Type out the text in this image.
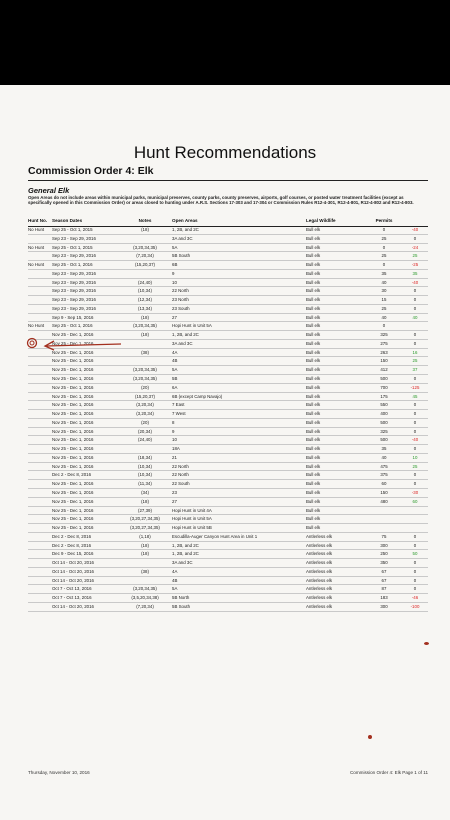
Hunt Recommendations
Commission Order 4: Elk
General Elk
Open Areas do not include areas within municipal parks, municipal preserves, county parks, county preserves, airports, golf courses, or posted water treatment facilities (except as specifically opened in this Commission Order) or areas closed to hunting under A.R.S. Sections 17-303 and 17-304 or Commission Rules R12-4-301, R12-4-801, R12-4-802 and R12-4-803.
Hunt No.	Season Dates	Notes	Open Areas	Legal Wildlife	Permits
No Hunt	Sep 25 - Oct 1, 2015	(18)	1, 2B, and 2C	Bull elk	0	-40
Sep 23 - Sep 29, 2016	3A and 3C	Bull elk	25	0
No Hunt	Sep 25 - Oct 1, 2015	(3,20,34,35)	5A	Bull elk	0	-24
Sep 23 - Sep 29, 2016	(7,20,34)	5B South	Bull elk	25	25
No Hunt	Sep 25 - Oct 1, 2016	(15,20,37)	6B	Bull elk	0	-25
Sep 23 - Sep 29, 2016	9	Bull elk	35	35
Sep 23 - Sep 29, 2016	(24,40)	10	Bull elk	40	-40
Sep 23 - Sep 29, 2016	(10,34)	22 North	Bull elk	30	0
Sep 23 - Sep 29, 2016	(12,34)	23 North	Bull elk	15	0
Sep 23 - Sep 29, 2016	(13,34)	23 South	Bull elk	25	0
Sep 9 - Sep 15, 2016	(18)	27	Bull elk	40	40
No Hunt	Sep 25 - Oct 1, 2016	(3,20,34,35)	Hopi Hunt in Unit 5A	Bull elk	0
Nov 25 - Dec 1, 2016	(18)	1, 2B, and 2C	Bull elk	325	0
Nov 25 - Dec 1, 2016	3A and 3C	Bull elk	275	0
Nov 25 - Dec 1, 2016	(38)	4A	Bull elk	263	16
Nov 25 - Dec 1, 2016	4B	Bull elk	150	25
Nov 25 - Dec 1, 2016	(3,20,34,35)	5A	Bull elk	412	37
Nov 25 - Dec 1, 2016	(3,20,34,35)	5B	Bull elk	500	0
Nov 25 - Dec 1, 2016	(20)	6A	Bull elk	700	-125
Nov 25 - Dec 1, 2016	(15,20,37)	6B (except Camp Navajo)	Bull elk	175	45
Nov 25 - Dec 1, 2016	(3,20,34)	7 East	Bull elk	550	0
Nov 25 - Dec 1, 2016	(3,20,34)	7 West	Bull elk	400	0
Nov 25 - Dec 1, 2016	(20)	8	Bull elk	500	0
Nov 25 - Dec 1, 2016	(20,34)	9	Bull elk	325	0
Nov 25 - Dec 1, 2016	(24,40)	10	Bull elk	500	-40
Nov 25 - Dec 1, 2016	18A	Bull elk	35	0
Nov 25 - Dec 1, 2016	(18,34)	21	Bull elk	40	10
Nov 25 - Dec 1, 2016	(10,34)	22 North	Bull elk	475	25
Dec 2 - Dec 8, 2016	(10,34)	22 North	Bull elk	375	0
Nov 25 - Dec 1, 2016	(11,34)	22 South	Bull elk	60	0
Nov 25 - Dec 1, 2016	(34)	23	Bull elk	150	-30
Nov 25 - Dec 1, 2016	(18)	27	Bull elk	480	60
Nov 25 - Dec 1, 2016	(27,39)	Hopi Hunt in Unit 4A	Bull elk
Nov 25 - Dec 1, 2016	(3,20,27,34,35)	Hopi Hunt in Unit 5A	Bull elk
Nov 25 - Dec 1, 2016	(3,20,27,34,35)	Hopi Hunt in Unit 5B	Bull elk
Dec 2 - Dec 8, 2016	(1,18)	Escudilla-Auger Canyon Hunt Area in Unit 1	Antlerless elk	75	0
Dec 2 - Dec 8, 2016	(18)	1, 2B, and 2C	Antlerless elk	300	0
Dec 9 - Dec 15, 2016	(18)	1, 2B, and 2C	Antlerless elk	250	50
Oct 14 - Oct 20, 2016	3A and 3C	Antlerless elk	350	0
Oct 14 - Oct 20, 2016	(38)	4A	Antlerless elk	67	0
Oct 14 - Oct 20, 2016	4B	Antlerless elk	67	0
Oct 7 - Oct 13, 2016	(3,20,34,35)	5A	Antlerless elk	87	0
Oct 7 - Oct 13, 2016	(3,5,20,34,38)	5B North	Antlerless elk	183	-46
Oct 14 - Oct 20, 2016	(7,20,34)	5B South	Antlerless elk	300	-100
Thursday, November 10, 2016	Commission Order 4: Elk Page 1 of 11
